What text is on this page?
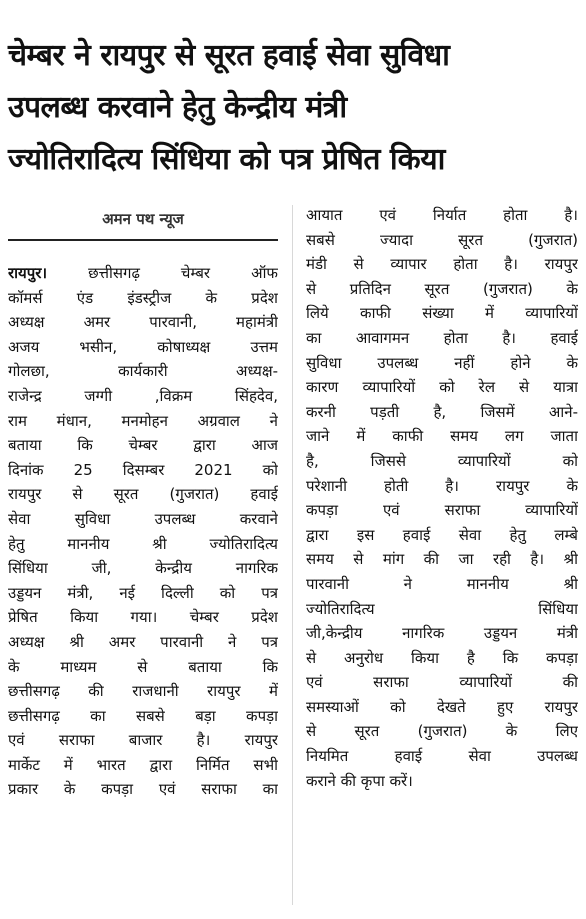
चेम्बर ने रायपुर से सूरत हवाई सेवा सुविधा
उपलब्ध करवाने हेतु केन्द्रीय मंत्री
ज्योतिरादित्य सिंधिया को पत्र प्रेषित किया
अमन पथ न्यूज
रायपुर। छत्तीसगढ़ चेम्बर ऑफ
कॉमर्स एंड इंडस्ट्रीज के प्रदेश
अध्यक्ष अमर पारवानी, महामंत्री
अजय भसीन, कोषाध्यक्ष उत्तम
गोलछा, कार्यकारी अध्यक्ष-
राजेन्द्र जग्गी ,विक्रम सिंहदेव,
राम मंधान, मनमोहन अग्रवाल ने
बताया कि चेम्बर द्वारा आज
दिनांक 25 दिसम्बर 2021 को
रायपुर से सूरत (गुजरात) हवाई
सेवा सुविधा उपलब्ध करवाने
हेतु माननीय श्री ज्योतिरादित्य
सिंधिया जी, केन्द्रीय नागरिक
उड्डयन मंत्री, नई दिल्ली को पत्र
प्रेषित किया गया। चेम्बर प्रदेश
अध्यक्ष श्री अमर पारवानी ने पत्र
के माध्यम से बताया कि
छत्तीसगढ़ की राजधानी रायपुर में
छत्तीसगढ़ का सबसे बड़ा कपड़ा
एवं सराफा बाजार है। रायपुर
मार्केट में भारत द्वारा निर्मित सभी
प्रकार के कपड़ा एवं सराफा का
आयात एवं निर्यात होता है।
सबसे ज्यादा सूरत (गुजरात)
मंडी से व्यापार होता है। रायपुर
से प्रतिदिन सूरत (गुजरात) के
लिये काफी संख्या में व्यापारियों
का आवागमन होता है। हवाई
सुविधा उपलब्ध नहीं होने के
कारण व्यापारियों को रेल से यात्रा
करनी पड़ती है, जिसमें आने-
जाने में काफी समय लग जाता
है, जिससे व्यापारियों को
परेशानी होती है। रायपुर के
कपड़ा एवं सराफा व्यापारियों
द्वारा इस हवाई सेवा हेतु लम्बे
समय से मांग की जा रही है। श्री
पारवानी ने माननीय श्री
ज्योतिरादित्य सिंधिया
जी,केन्द्रीय नागरिक उड्डयन मंत्री
से अनुरोध किया है कि कपड़ा
एवं सराफा व्यापारियों की
समस्याओं को देखते हुए रायपुर
से सूरत (गुजरात) के लिए
नियमित हवाई सेवा उपलब्ध
कराने की कृपा करें।
